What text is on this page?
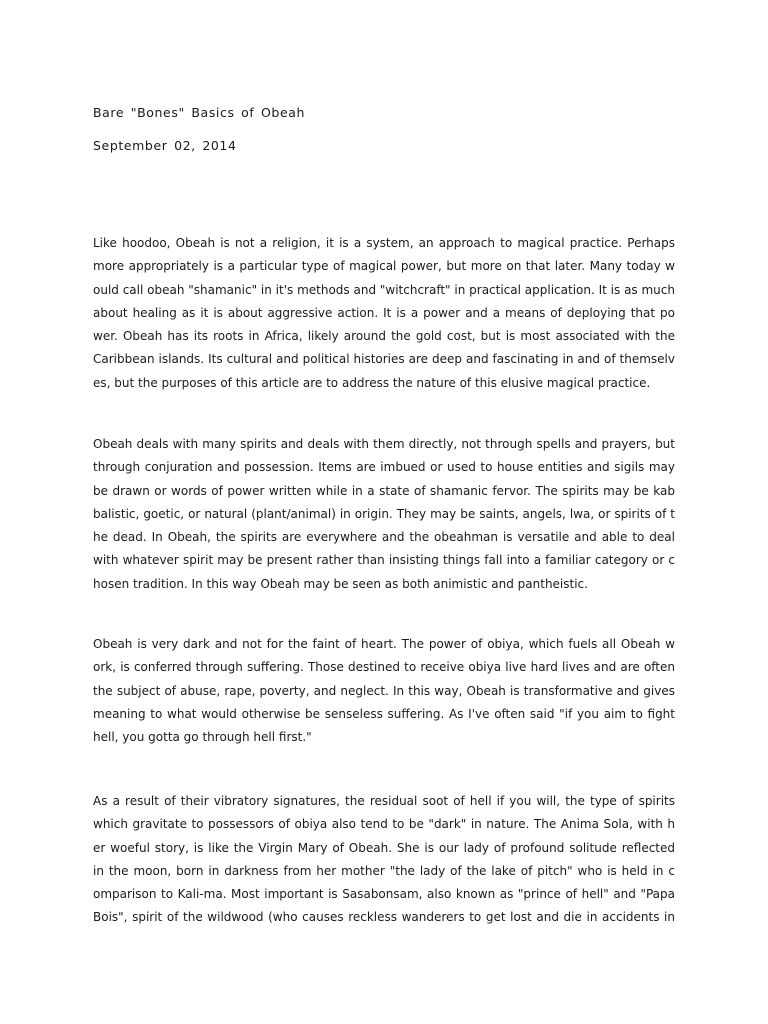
Bare "Bones" Basics of Obeah
September 02, 2014
Like hoodoo, Obeah is not a religion, it is a system, an approach to magical practice. Perhaps
more appropriately is a particular type of magical power, but more on that later. Many today w
ould call obeah "shamanic" in it's methods and "witchcraft" in practical application. It is as much
about healing as it is about aggressive action. It is a power and a means of deploying that po
wer. Obeah has its roots in Africa, likely around the gold cost, but is most associated with the
Caribbean islands. Its cultural and political histories are deep and fascinating in and of themselv
es, but the purposes of this article are to address the nature of this elusive magical practice.
Obeah deals with many spirits and deals with them directly, not through spells and prayers, but
through conjuration and possession. Items are imbued or used to house entities and sigils may
be drawn or words of power written while in a state of shamanic fervor. The spirits may be kab
balistic, goetic, or natural (plant/animal) in origin. They may be saints, angels, lwa, or spirits of t
he dead. In Obeah, the spirits are everywhere and the obeahman is versatile and able to deal
with whatever spirit may be present rather than insisting things fall into a familiar category or c
hosen tradition. In this way Obeah may be seen as both animistic and pantheistic.
Obeah is very dark and not for the faint of heart. The power of obiya, which fuels all Obeah w
ork, is conferred through suffering. Those destined to receive obiya live hard lives and are often
the subject of abuse, rape, poverty, and neglect. In this way, Obeah is transformative and gives
meaning to what would otherwise be senseless suffering. As I've often said "if you aim to fight
hell, you gotta go through hell first."
As a result of their vibratory signatures, the residual soot of hell if you will, the type of spirits
which gravitate to possessors of obiya also tend to be "dark" in nature. The Anima Sola, with h
er woeful story, is like the Virgin Mary of Obeah. She is our lady of profound solitude reflected
in the moon, born in darkness from her mother "the lady of the lake of pitch" who is held in c
omparison to Kali-ma. Most important is Sasabonsam, also known as "prince of hell" and "Papa
Bois", spirit of the wildwood (who causes reckless wanderers to get lost and die in accidents in
